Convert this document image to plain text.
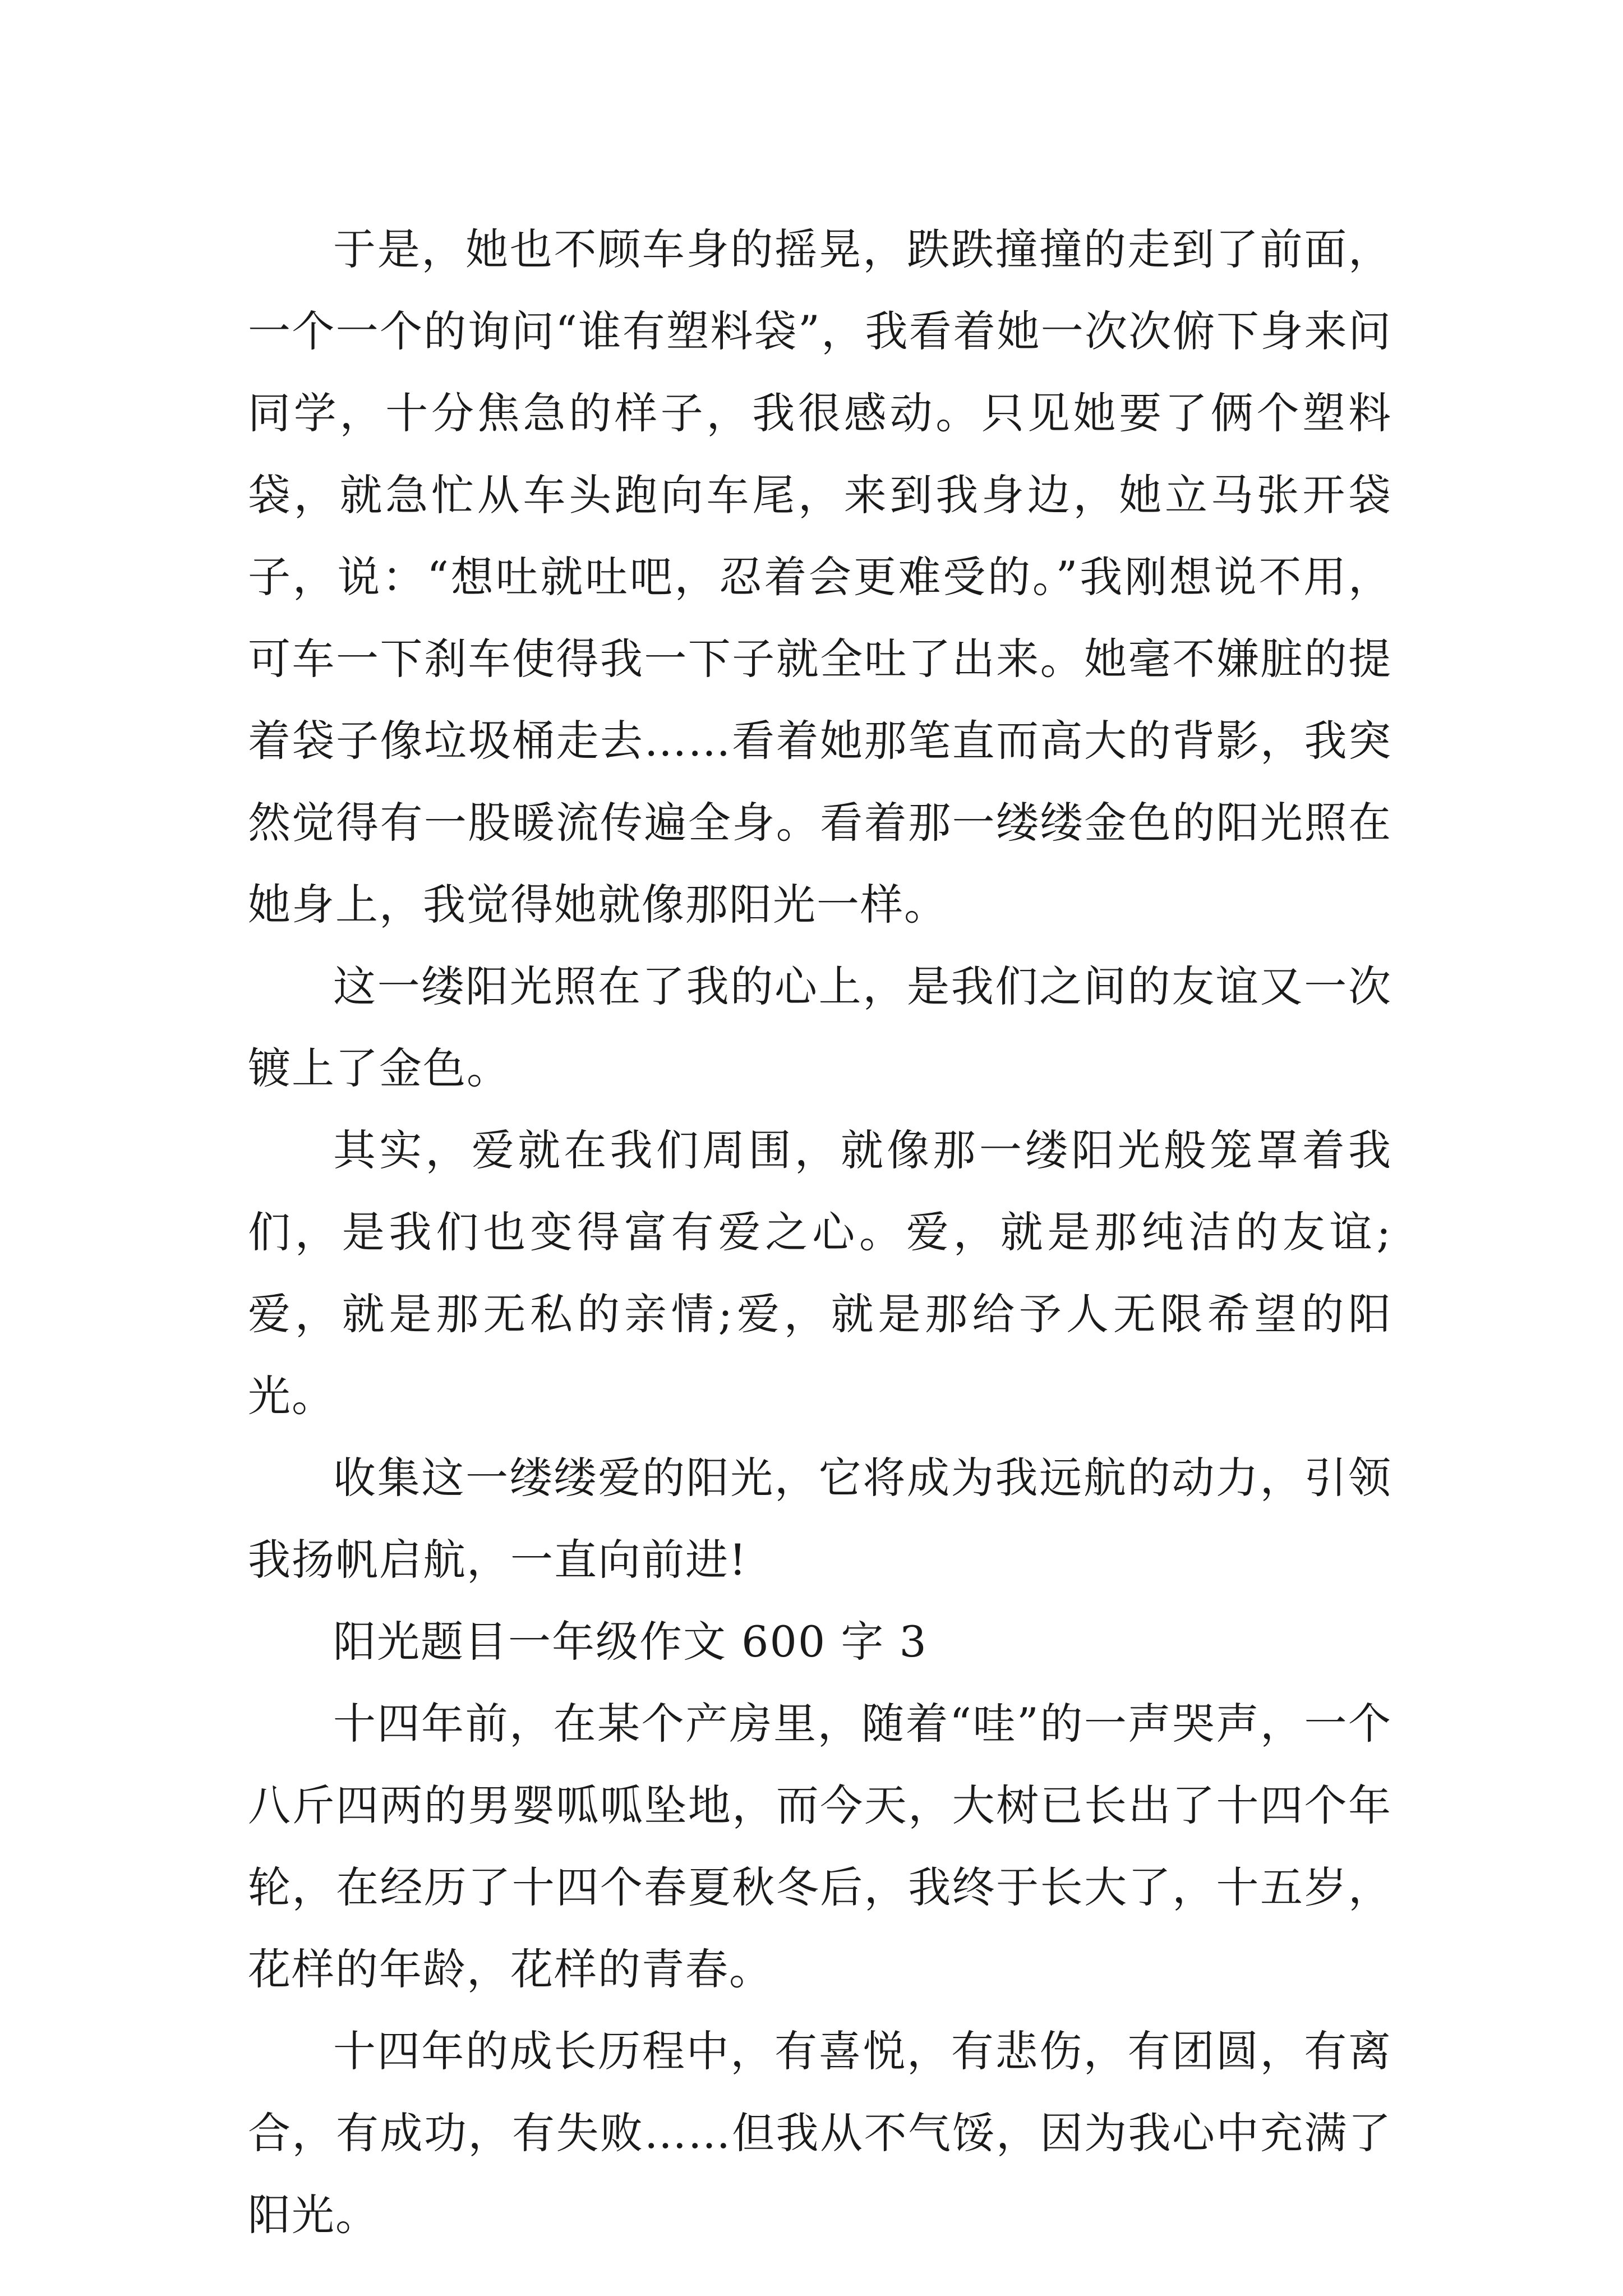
于是，她也不顾车身的摇晃，跌跌撞撞的走到了前面，一个一个的询问“谁有塑料袋”，我看着她一次次俯下身来问同学，十分焦急的样子，我很感动。只见她要了俩个塑料袋，就急忙从车头跑向车尾，来到我身边，她立马张开袋子，说：“想吐就吐吧，忍着会更难受的。”我刚想说不用，可车一下刹车使得我一下子就全吐了出来。她毫不嫌脏的提着袋子像垃圾桶走去……看着她那笔直而高大的背影，我突然觉得有一股暖流传遍全身。看着那一缕缕金色的阳光照在她身上，我觉得她就像那阳光一样。

这一缕阳光照在了我的心上，是我们之间的友谊又一次镀上了金色。

其实，爱就在我们周围，就像那一缕阳光般笼罩着我们，是我们也变得富有爱之心。爱，就是那纯洁的友谊;爱，就是那无私的亲情;爱，就是那给予人无限希望的阳光。

收集这一缕缕爱的阳光，它将成为我远航的动力，引领我扬帆启航，一直向前进!

阳光题目一年级作文 600 字 3

十四年前，在某个产房里，随着“哇”的一声哭声，一个八斤四两的男婴呱呱坠地，而今天，大树已长出了十四个年轮，在经历了十四个春夏秋冬后，我终于长大了，十五岁，花样的年龄，花样的青春。

十四年的成长历程中，有喜悦，有悲伤，有团圆，有离合，有成功，有失败……但我从不气馁，因为我心中充满了阳光。
